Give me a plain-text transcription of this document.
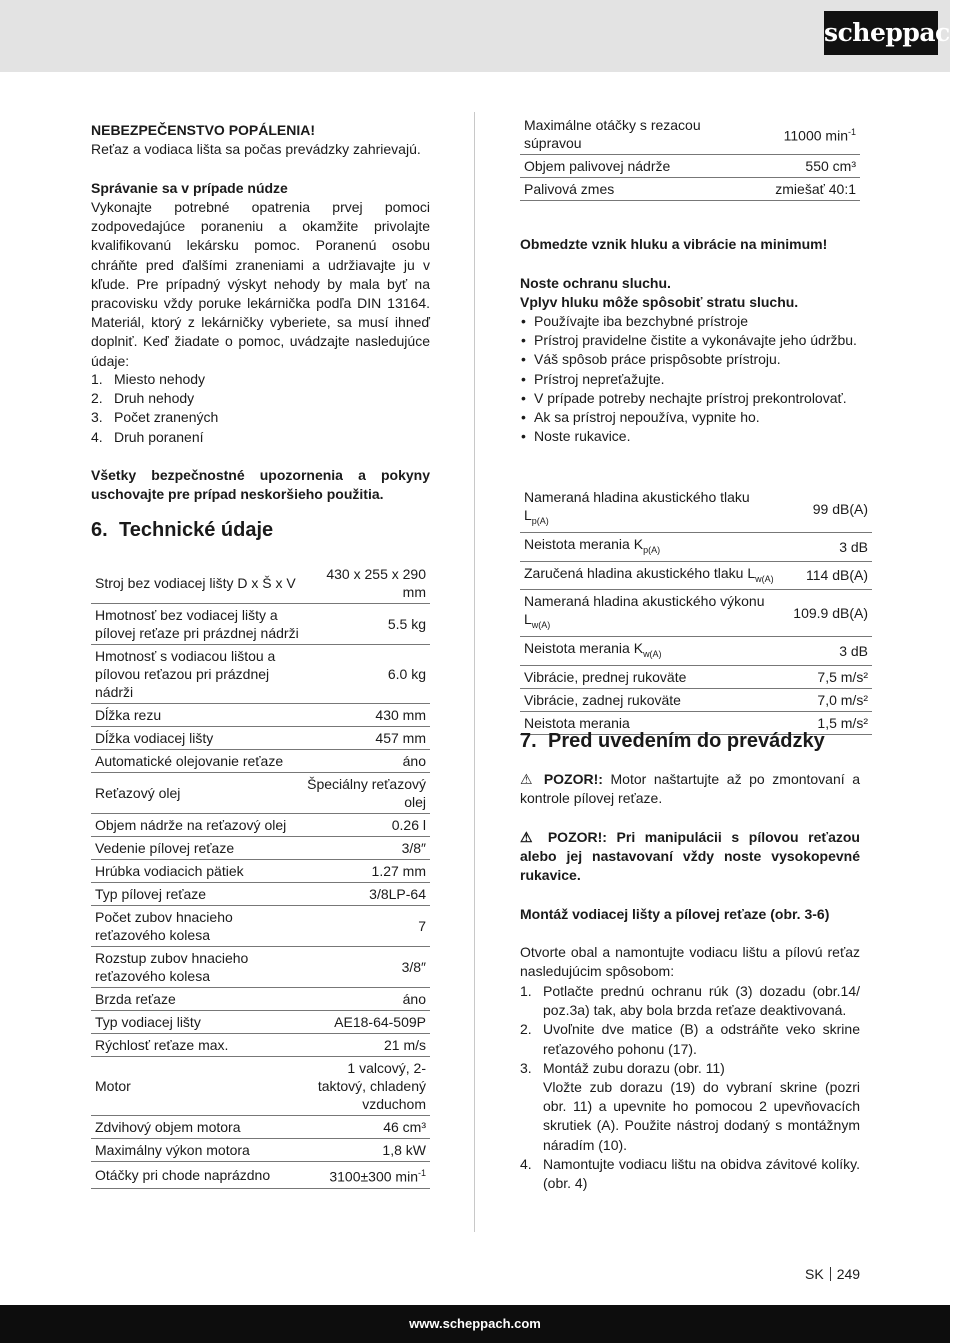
scheppach

NEBEZPEČENSTVO POPÁLENIA!

Reťaz a vodiaca lišta sa počas prevádzky zahrievajú.

Správanie sa v prípade núdze

Vykonajte potrebné opatrenia prvej pomoci zodpovedajúce poraneniu a okamžite privolajte kvalifikovanú lekársku pomoc. Poranenú osobu chráňte pred ďalšími zraneniami a udržiavajte ju v kľude. Pre prípadný výskyt nehody by mala byť na pracovisku vždy poruke lekárnička podľa DIN 13164. Materiál, ktorý z lekárničky vyberiete, sa musí ihneď doplniť. Keď žiadate o pomoc, uvádzajte nasledujúce údaje:

1. Miesto nehody
2. Druh nehody
3. Počet zranených
4. Druh poranení

Všetky bezpečnostné upozornenia a pokyny uschovajte pre prípad neskoršieho použitia.

6. Technické údaje
Stroj bez vodiacej lišty D x Š x V	430 x 255 x 290 mm
Hmotnosť bez vodiacej lišty a pílovej reťaze pri prázdnej nádrži	5.5 kg
Hmotnosť s vodiacou lištou a pílovou reťazou pri prázdnej nádrži	6.0 kg
Dĺžka rezu	430 mm
Dĺžka vodiacej lišty	457 mm
Automatické olejovanie reťaze	áno
Reťazový olej	Špeciálny reťazový olej
Objem nádrže na reťazový olej	0.26 l
Vedenie pílovej reťaze	3/8″
Hrúbka vodiacich pätiek	1.27 mm
Typ pílovej reťaze	3/8LP-64
Počet zubov hnacieho reťazového kolesa	7
Rozstup zubov hnacieho reťazového kolesa	3/8″
Brzda reťaze	áno
Typ vodiacej lišty	AE18-64-509P
Rýchlosť reťaze max.	21 m/s
Motor	1 valcový, 2-taktový, chladený vzduchom
Zdvihový objem motora	46 cm³
Maximálny výkon motora	1,8 kW
Otáčky pri chode naprázdno	3100±300 $\min^{-1}$
Maximálne otáčky s rezacou súpravou	11000 $\min^{-1}$
Objem palivovej nádrže	550 cm³
Palivová zmes	zmiešať 40:1

Obmedzte vznik hluku a vibrácie na minimum!

Noste ochranu sluchu.

Vplyv hluku môže spôsobiť stratu sluchu.

• Používajte iba bezchybné prístroje
• Prístroj pravidelne čistite a vykonávajte jeho údržbu.
• Váš spôsob práce prispôsobte prístroju.
• Prístroj nepreťažujte.
• V prípade potreby nechajte prístroj prekontrolovať.
• Ak sa prístroj nepoužíva, vypnite ho.
• Noste rukavice.
Nameraná hladina akustického tlaku $L_{p(A)}$	99 dB(A)
Neistota merania $K_{p(A)}$	3 dB
Zaručená hladina akustického tlaku $L_{w(A)}$	114 dB(A)
Nameraná hladina akustického výkonu $L_{w(A)}$	109.9 dB(A)
Neistota merania $K_{w(A)}$	3 dB
Vibrácie, prednej rukoväte	7,5 m/s²
Vibrácie, zadnej rukoväte	7,0 m/s²
Neistota merania	1,5 m/s²
7. Pred uvedením do prevádzky

⚠ POZOR!: Motor naštartujte až po zmontovaní a kontrole pílovej reťaze.

⚠ POZOR!: Pri manipulácii s pílovou reťazou alebo jej nastavovaní vždy noste vysokopevné rukavice.

Montáž vodiacej lišty a pílovej reťaze (obr. 3-6)

Otvorte obal a namontujte vodiacu lištu a pílovú reťaz nasledujúcim spôsobom:

1. Potlačte prednú ochranu rúk (3) dozadu (obr.14/ poz.3a) tak, aby bola brzda reťaze deaktivovaná.
2. Uvoľnite dve matice (B) a odstráňte veko skrine reťazového pohonu (17).
3. Montáž zubu dorazu (obr. 11)
Vložte zub dorazu (19) do vybraní skrine (pozri obr. 11) a upevnite ho pomocou 2 upevňovacích skrutiek (A). Použite nástroj dodaný s montážnym náradím (10).
4. Namontujte vodiacu lištu na obidva závitové kolíky. (obr. 4)
SK 249
www.scheppach.com
